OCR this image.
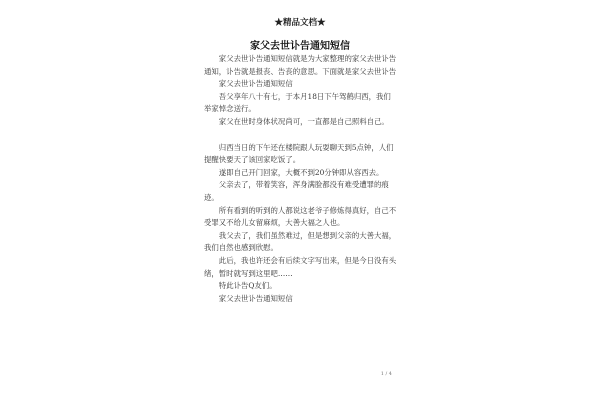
★精品文档★
家父去世讣告通知短信

家父去世讣告通知短信就是为大家整理的家父去世讣告通知，讣告就是报丧、告丧的意思。下面就是家父去世讣告

家父去世讣告通知短信

吾父享年八十有七，于本月18日下午驾鹤归西，我们举家悼念送行。

家父在世时身体状况尚可，一直都是自己照料自己。

归西当日的下午还在楼院跟人玩耍聊天到5点钟，人们提醒快要天了该回家吃饭了。

遂即自己开门回家，大概不到20分钟即从容西去。

父亲去了，带着笑容，浑身满脸都没有难受遭罪的痕迹。

所有看到的听到的人都说这老爷子修炼得真好，自己不受罪又不给儿女留麻烦，大善大福之人也。

我父去了，我们虽然难过，但是想到父亲的大善大福，我们自然也感到欣慰。

此后，我也许还会有后续文字写出来，但是今日没有头绪，暂时就写到这里吧……

特此讣告Q友们。

家父去世讣告通知短信

1 / 4
